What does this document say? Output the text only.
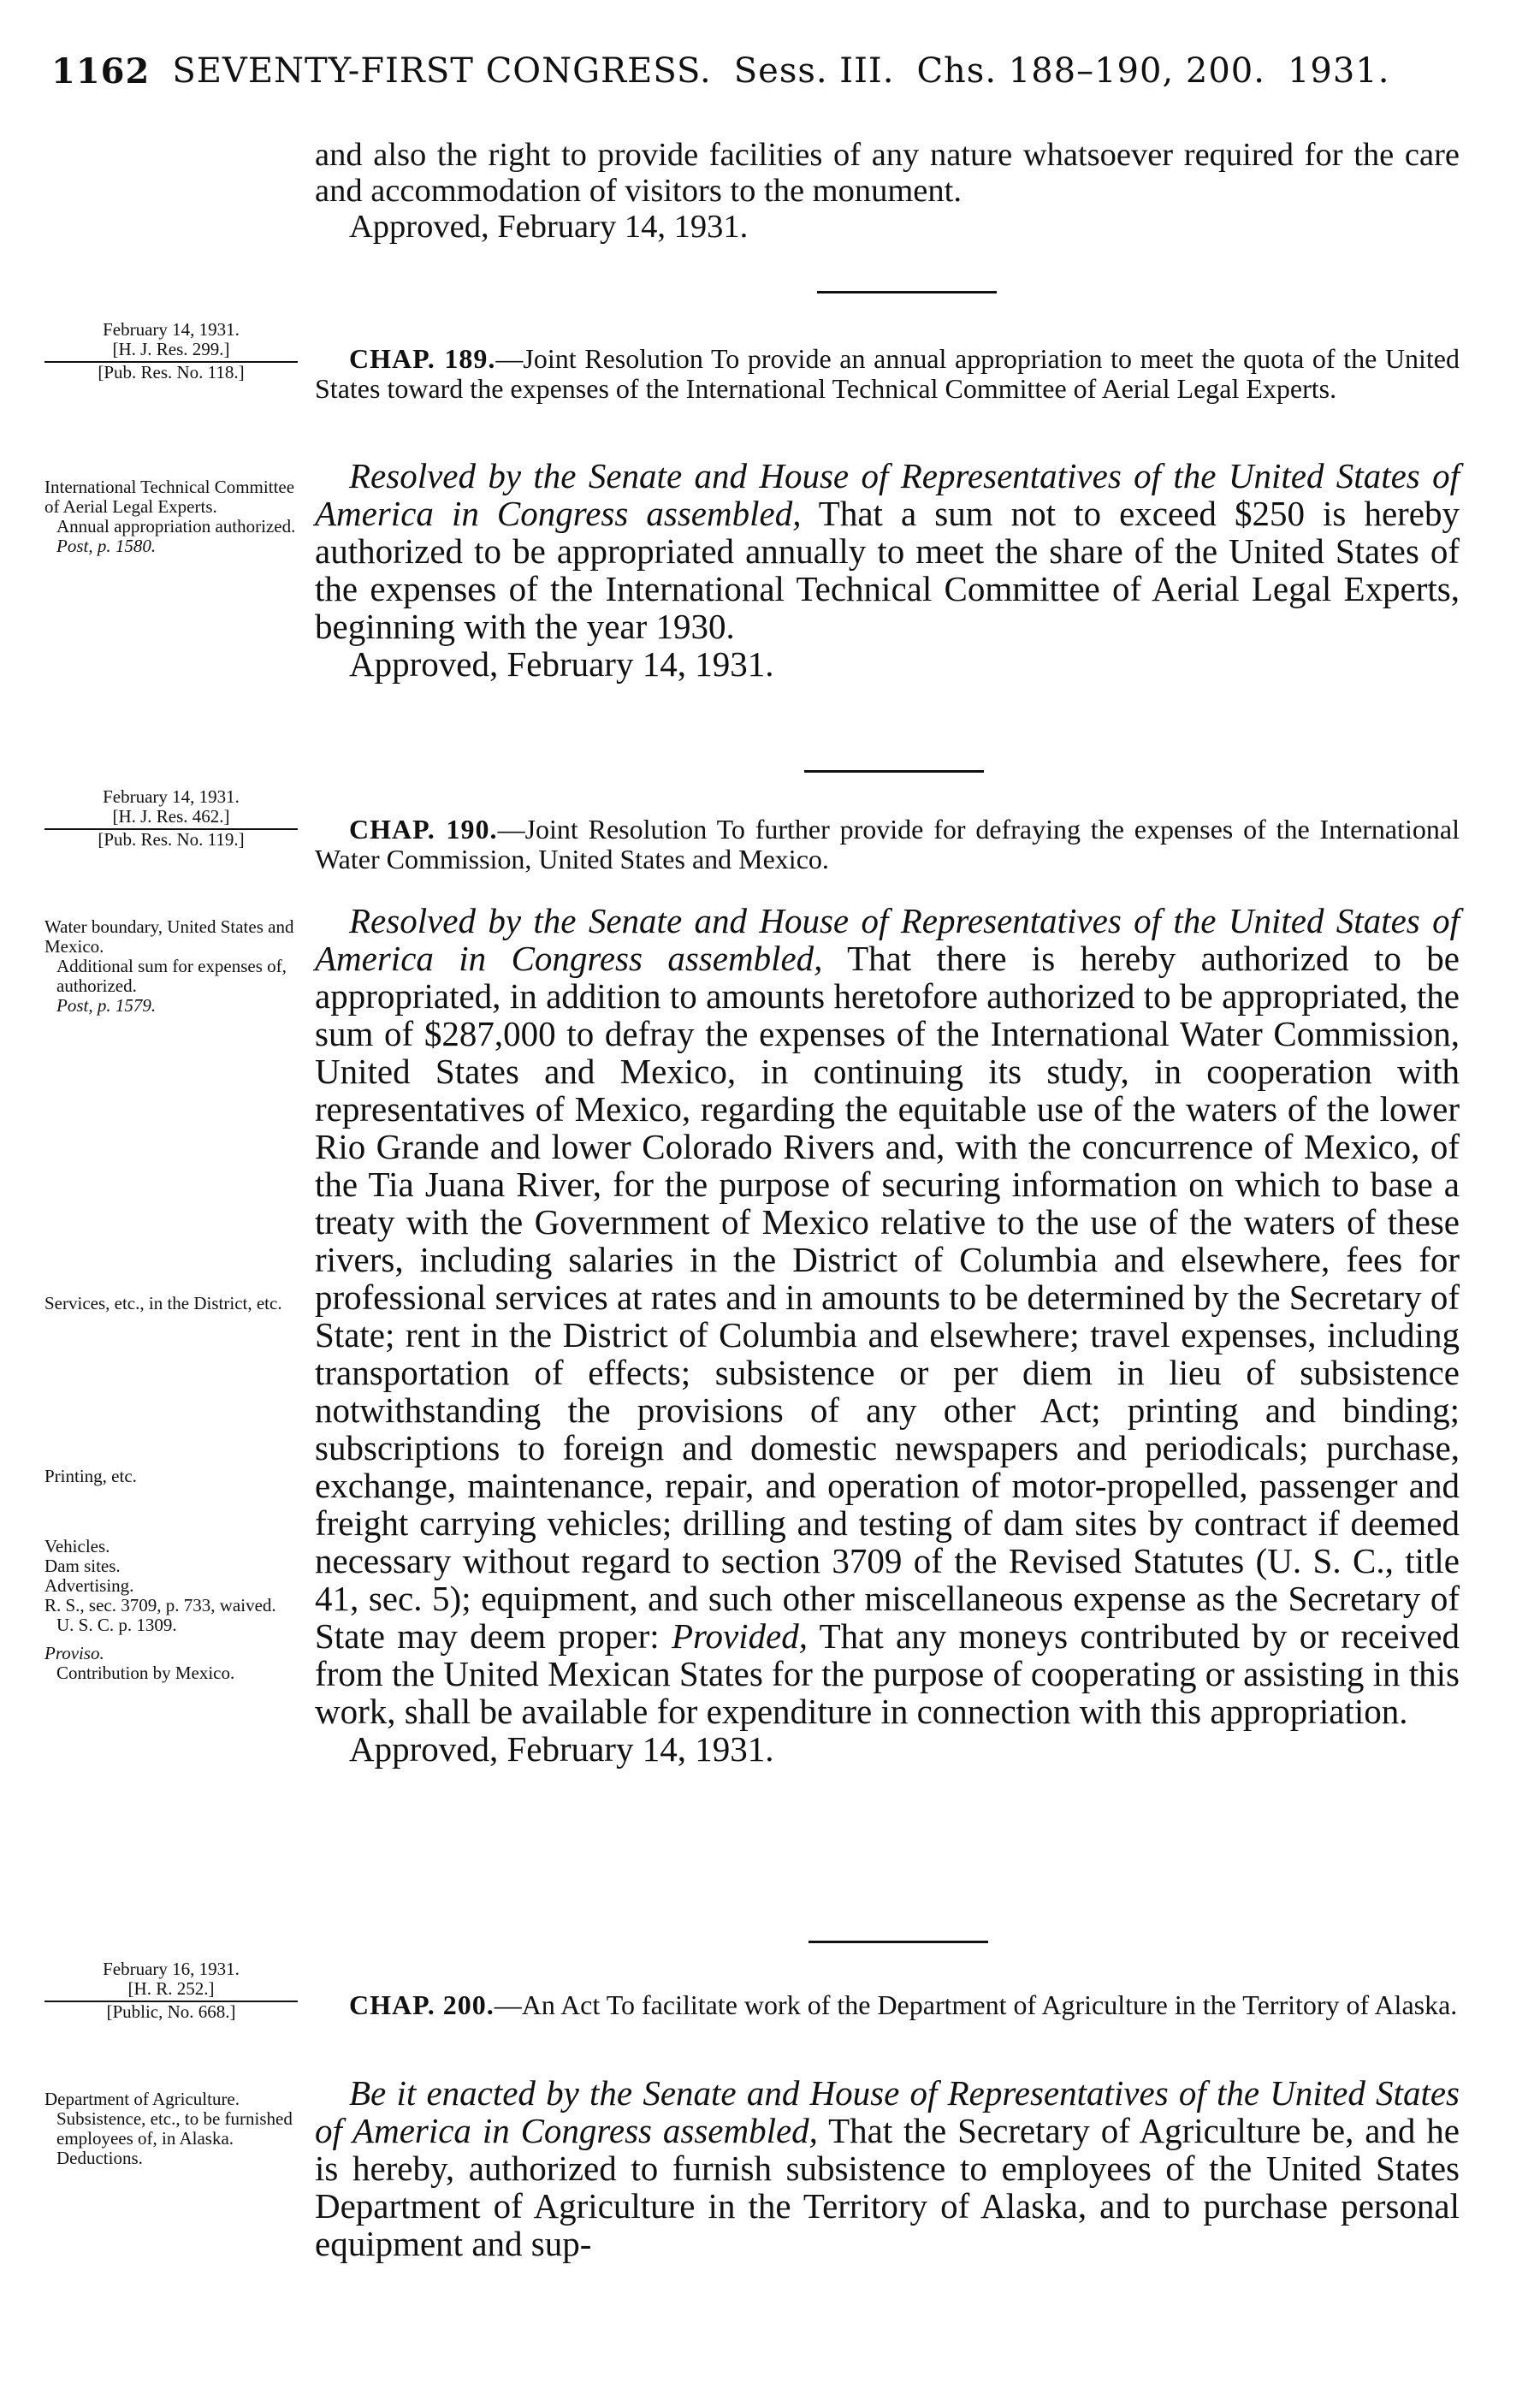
1162 SEVENTY-FIRST CONGRESS. Sess. III. Chs. 188–190, 200. 1931.

and also the right to provide facilities of any nature whatsoever required for the care and accommodation of visitors to the monument.

Approved, February 14, 1931.

February 14, 1931.
[H. J. Res. 299.]
[Pub. Res. No. 118.]
International Technical Committee of Aerial Legal Experts.
Annual appropriation authorized.
Post, p. 1580.

CHAP. 189.—Joint Resolution To provide an annual appropriation to meet the quota of the United States toward the expenses of the International Technical Committee of Aerial Legal Experts.

Resolved by the Senate and House of Representatives of the United States of America in Congress assembled, That a sum not to exceed $250 is hereby authorized to be appropriated annually to meet the share of the United States of the expenses of the International Technical Committee of Aerial Legal Experts, beginning with the year 1930.

Approved, February 14, 1931.

February 14, 1931.
[H. J. Res. 462.]
[Pub. Res. No. 119.]
Water boundary, United States and Mexico.
Additional sum for expenses of, authorized.
Post, p. 1579.
Services, etc., in the District, etc.
Printing, etc.
Vehicles.
Dam sites.
Advertising.
R. S., sec. 3709, p. 733, waived.
U. S. C. p. 1309.
Proviso.
Contribution by Mexico.

CHAP. 190.—Joint Resolution To further provide for defraying the expenses of the International Water Commission, United States and Mexico.

Resolved by the Senate and House of Representatives of the United States of America in Congress assembled, That there is hereby authorized to be appropriated, in addition to amounts heretofore authorized to be appropriated, the sum of $287,000 to defray the expenses of the International Water Commission, United States and Mexico, in continuing its study, in cooperation with representatives of Mexico, regarding the equitable use of the waters of the lower Rio Grande and lower Colorado Rivers and, with the concurrence of Mexico, of the Tia Juana River, for the purpose of securing information on which to base a treaty with the Government of Mexico relative to the use of the waters of these rivers, including salaries in the District of Columbia and elsewhere, fees for professional services at rates and in amounts to be determined by the Secretary of State; rent in the District of Columbia and elsewhere; travel expenses, including transportation of effects; subsistence or per diem in lieu of subsistence notwithstanding the provisions of any other Act; printing and binding; subscriptions to foreign and domestic newspapers and periodicals; purchase, exchange, maintenance, repair, and operation of motor-propelled, passenger and freight carrying vehicles; drilling and testing of dam sites by contract if deemed necessary without regard to section 3709 of the Revised Statutes (U. S. C., title 41, sec. 5); equipment, and such other miscellaneous expense as the Secretary of State may deem proper: Provided, That any moneys contributed by or received from the United Mexican States for the purpose of cooperating or assisting in this work, shall be available for expenditure in connection with this appropriation.

Approved, February 14, 1931.

February 16, 1931.
[H. R. 252.]
[Public, No. 668.]
Department of Agriculture.
Subsistence, etc., to be furnished employees of, in Alaska.
Deductions.

CHAP. 200.—An Act To facilitate work of the Department of Agriculture in the Territory of Alaska.

Be it enacted by the Senate and House of Representatives of the United States of America in Congress assembled, That the Secretary of Agriculture be, and he is hereby, authorized to furnish subsistence to employees of the United States Department of Agriculture in the Territory of Alaska, and to purchase personal equipment and sup-
